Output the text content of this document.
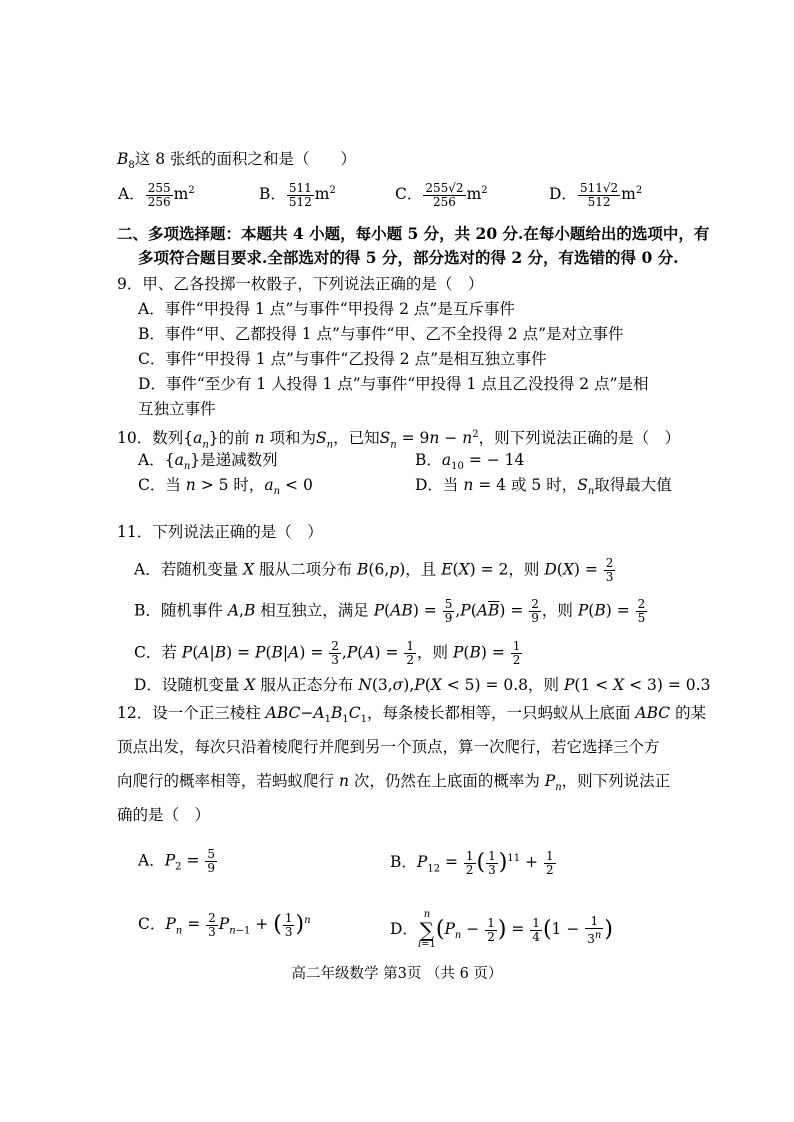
$B_8$这 8 张纸的面积之和是（　　）
A． $\frac{255}{256} m^2$	B． $\frac{511}{512} m^2$	C． $\frac{255√2}{256} m^2$	D． $\frac{511√2}{512} m^2$
二、多项选择题：本题共 4 小题，每小题 5 分，共 20 分.在每小题给出的选项中，有
多项符合题目要求.全部选对的得 5 分，部分选对的得 2 分，有选错的得 0 分.
9．甲、乙各投掷一枚骰子，下列说法正确的是（　）
A．事件“甲投得 1 点”与事件“甲投得 2 点”是互斥事件
B．事件“甲、乙都投得 1 点”与事件“甲、乙不全投得 2 点”是对立事件
C．事件“甲投得 1 点”与事件“乙投得 2 点”是相互独立事件
D．事件“至少有 1 人投得 1 点”与事件“甲投得 1 点且乙没投得 2 点”是相
互独立事件
10．数列$\{a_n\}$的前 n 项和为$S_n$，已知$S_n = 9n - n^2$，则下列说法正确的是（　）
A．$\{a_n\}$是递减数列	B．$a_{10}$ = − 14
C．当 n > 5 时，$a_n < 0$	D．当 n = 4 或 5 时，$S_n$取得最大值
11．下列说法正确的是（　）
A．若随机变量 X 服从二项分布 B(6,p)，且 E(X) = 2，则 $D(X) = \frac{2}{3}$
B．随机事件 A,B 相互独立，满足 $P(AB) = \frac{5}{9} ,P(A\overline{B}) = \frac{2}{9}$ ，则 $P(B) = \frac{2}{5}$
C．若 $P(A|B) = P(B|A) = \frac{2}{3} ,P(A) = \frac{1}{2}$ ，则 $P(B) = \frac{1}{2}$
D．设随机变量 X 服从正态分布 N(3,σ),P(X < 5) = 0.8，则 P(1 < X < 3) = 0.3
12．设一个正三棱柱 $ABC-A_1B_1C_1$，每条棱长都相等，一只蚂蚁从上底面 ABC 的某
顶点出发，每次只沿着棱爬行并爬到另一个顶点，算一次爬行，若它选择三个方
向爬行的概率相等，若蚂蚁爬行 n 次，仍然在上底面的概率为 $P_n$，则下列说法正
确的是（　）
A．$P_2 = \frac{5}{9}$	B．$P_{12} = \frac{1}{2}$ ( $\frac{1}{3} )^{11} + \frac{1}{2}$
C．$P_n = \frac{2}{3} P_{n-1}$ + ( $\frac{1}{3} )^n$	D．n
∑
$i=1(P_n - \frac{1}{2}$ ) = $\frac{1}{4} (1 - \frac{1}{3^n}$ )
高二年级数学 第3页 （共 6 页）
